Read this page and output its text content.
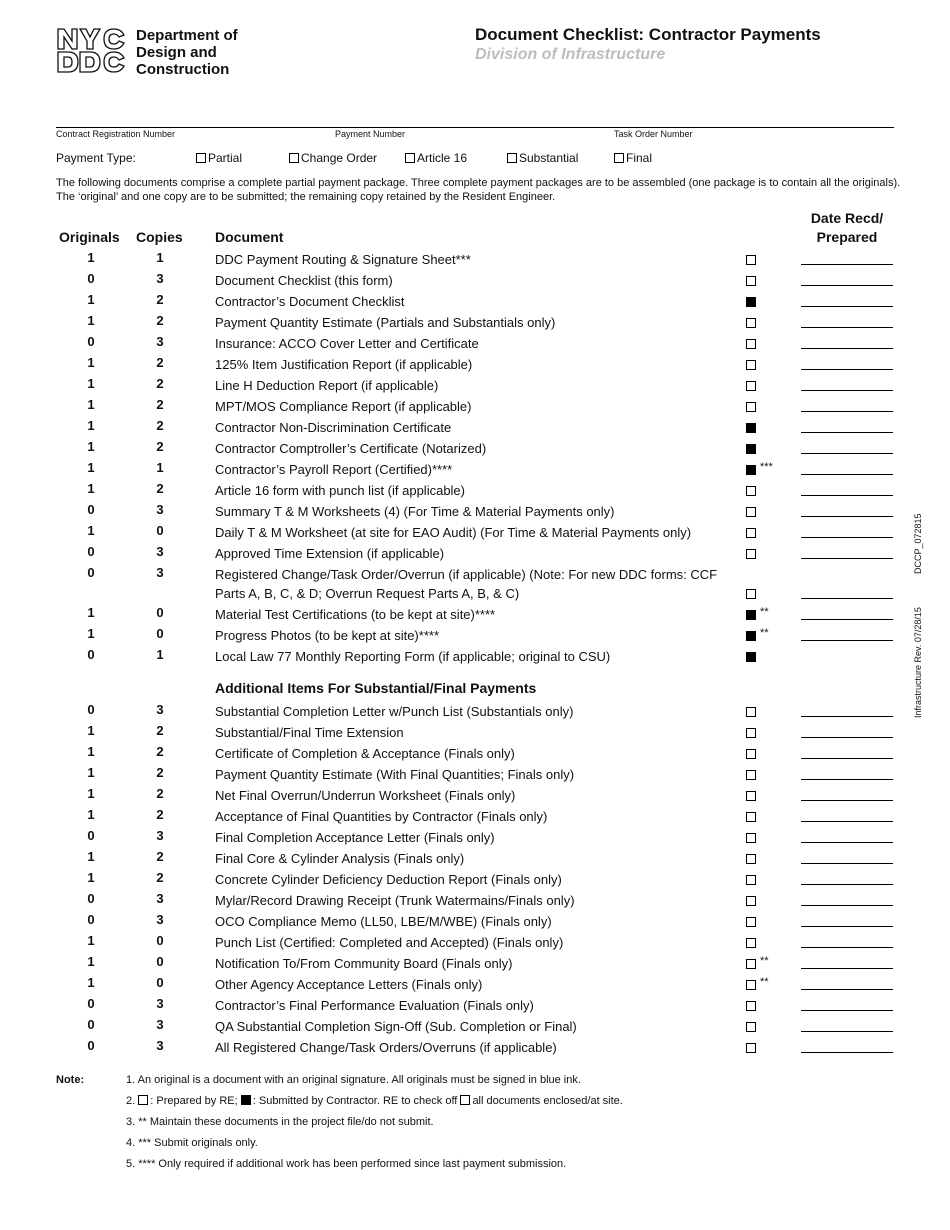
Department of
Design and
Construction
Document Checklist: Contractor Payments
Division of Infrastructure
Contract Registration Number	Payment Number	Task Order Number
Payment Type:	Partial	Change Order	Article 16	Substantial	Final
The following documents comprise a complete partial payment package. Three complete payment packages are to be assembled (one package is to contain all the originals). The ‘original’ and one copy are to be submitted; the remaining copy retained by the Resident Engineer.
Originals Copies Document
Date Recd/
Prepared
1	1	DDC Payment Routing & Signature Sheet***
0	3	Document Checklist (this form)
1	2	Contractor’s Document Checklist
1	2	Payment Quantity Estimate (Partials and Substantials only)
0	3	Insurance: ACCO Cover Letter and Certificate
1	2	125% Item Justification Report (if applicable)
1	2	Line H Deduction Report (if applicable)
1	2	MPT/MOS Compliance Report (if applicable)
1	2	Contractor Non-Discrimination Certificate
1	2	Contractor Comptroller’s Certificate (Notarized)
1	1	Contractor’s Payroll Report (Certified)****	***
1	2	Article 16 form with punch list (if applicable)
0	3	Summary T & M Worksheets (4) (For Time & Material Payments only)
1	0	Daily T & M Worksheet (at site for EAO Audit) (For Time & Material Payments only)
0	3	Approved Time Extension (if applicable)
0	3	Registered Change/Task Order/Overrun (if applicable) (Note: For new DDC forms: CCF Parts A, B, C, & D; Overrun Request Parts A, B, & C)
1	0	Material Test Certifications (to be kept at site)****	**
1	0	Progress Photos (to be kept at site)****	**
0	1	Local Law 77 Monthly Reporting Form (if applicable; original to CSU)
0	3	Substantial Completion Letter w/Punch List (Substantials only)
1	2	Substantial/Final Time Extension
1	2	Certificate of Completion & Acceptance (Finals only)
1	2	Payment Quantity Estimate (With Final Quantities; Finals only)
1	2	Net Final Overrun/Underrun Worksheet (Finals only)
1	2	Acceptance of Final Quantities by Contractor (Finals only)
0	3	Final Completion Acceptance Letter (Finals only)
1	2	Final Core & Cylinder Analysis (Finals only)
1	2	Concrete Cylinder Deficiency Deduction Report (Finals only)
0	3	Mylar/Record Drawing Receipt (Trunk Watermains/Finals only)
0	3	OCO Compliance Memo (LL50, LBE/M/WBE) (Finals only)
1	0	Punch List (Certified: Completed and Accepted) (Finals only)
1	0	Notification To/From Community Board (Finals only)	**
1	0	Other Agency Acceptance Letters (Finals only)	**
0	3	Contractor’s Final Performance Evaluation (Finals only)
0	3	QA Substantial Completion Sign-Off (Sub. Completion or Final)
0	3	All Registered Change/Task Orders/Overruns (if applicable)
Additional Items For Substantial/Final Payments
DCCP_072815
Infrastructure Rev. 07/28/15
Note:	1. An original is a document with an original signature. All originals must be signed in blue ink.
2. : Prepared by RE; : Submitted by Contractor. RE to check off all documents enclosed/at site.
3. ** Maintain these documents in the project file/do not submit.
4. *** Submit originals only.
5. **** Only required if additional work has been performed since last payment submission.
